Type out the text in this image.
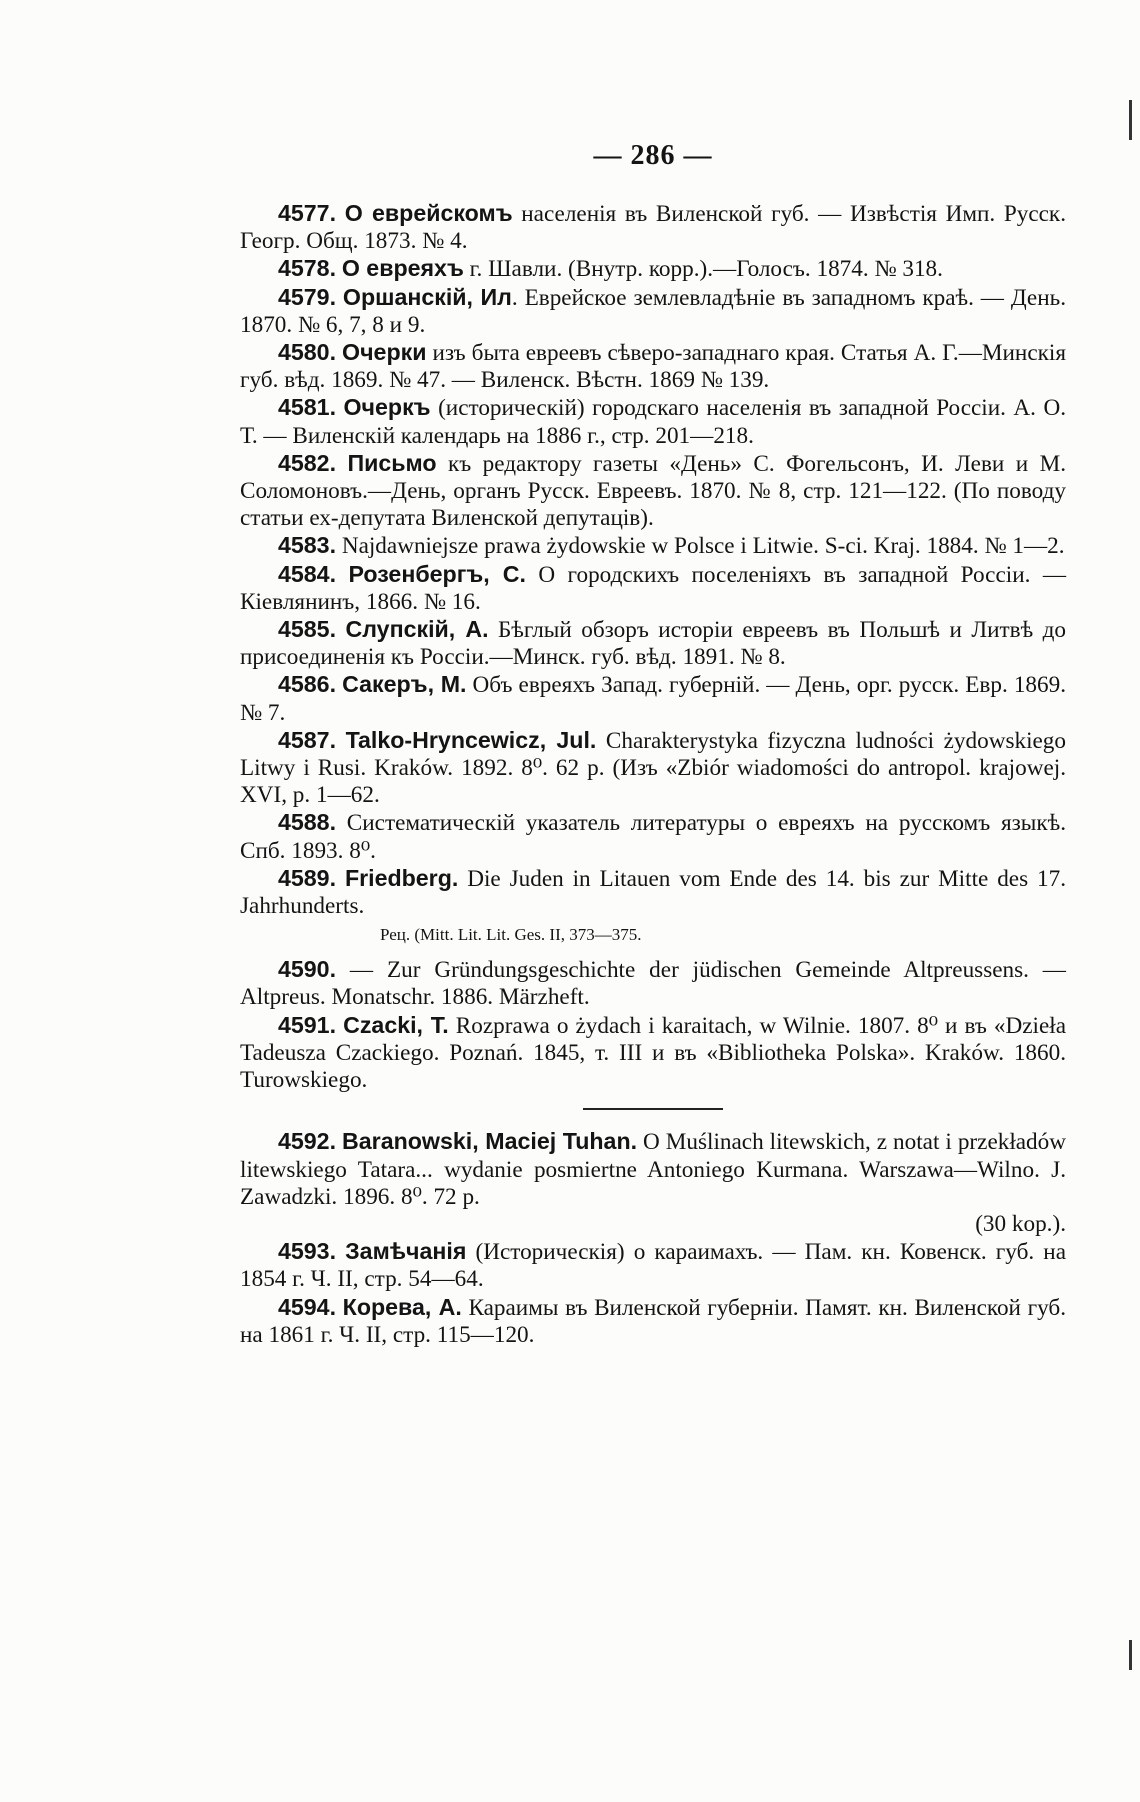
— 286 —

4577. О еврейскомъ населенія въ Виленской губ. — Извѣстія Имп. Русск. Геогр. Общ. 1873. № 4.

4578. О евреяхъ г. Шавли. (Внутр. корр.).—Голосъ. 1874. № 318.

4579. Оршанскій, Ил. Еврейское землевладѣніе въ западномъ краѣ. — День. 1870. № 6, 7, 8 и 9.

4580. Очерки изъ быта евреевъ сѣверо-западнаго края. Статья А. Г.—Минскія губ. вѣд. 1869. № 47. — Виленск. Вѣстн. 1869 № 139.

4581. Очеркъ (историческій) городскаго населенія въ западной Россіи. А. О. Т. — Виленскій календарь на 1886 г., стр. 201—218.

4582. Письмо къ редактору газеты «День» С. Фогельсонъ, И. Леви и М. Соломоновъ.—День, органъ Русск. Евреевъ. 1870. № 8, стр. 121—122. (По поводу статьи ех-депутата Виленской депутаців).

4583. Najdawniejsze prawa żydowskie w Polsce i Litwie. S-ci. Kraj. 1884. № 1—2.

4584. Розенбергъ, С. О городскихъ поселеніяхъ въ западной Россіи. — Кіевлянинъ, 1866. № 16.

4585. Слупскій, А. Бѣглый обзоръ исторіи евреевъ въ Польшѣ и Литвѣ до присоединенія къ Россіи.—Минск. губ. вѣд. 1891. № 8.

4586. Сакеръ, М. Объ евреяхъ Запад. губерній. — День, орг. русск. Евр. 1869. № 7.

4587. Talko-Hryncewicz, Jul. Charakterystyka fizyczna ludności żydowskiego Litwy i Rusi. Kraków. 1892. 8⁰. 62 p. (Изъ «Zbiór wiadomości do antropol. krajowej. XVI, p. 1—62.

4588. Систематическій указатель литературы о евреяхъ на русскомъ языкѣ. Спб. 1893. 8⁰.

4589. Friedberg. Die Juden in Litauen vom Ende des 14. bis zur Mitte des 17. Jahrhunderts.

Рец. (Mitt. Lit. Lit. Ges. II, 373—375.

4590. — Zur Gründungsgeschichte der jüdischen Gemeinde Altpreussens. — Altpreus. Monatschr. 1886. Märzheft.

4591. Czacki, T. Rozprawa o żydach i karaitach, w Wilnie. 1807. 8⁰ и въ «Dzieła Tadeusza Czackiego. Poznań. 1845, т. III и въ «Bibliotheka Polska». Kraków. 1860. Turowskiego.

4592. Baranowski, Maciej Tuhan. O Muślinach litewskich, z notat i przekładów litewskiego Tatara... wydanie posmiertne Antoniego Kurmana. Warszawa—Wilno. J. Zawadzki. 1896. 8⁰. 72 p.

(30 kop.).

4593. Замѣчанія (Историческія) о караимахъ. — Пам. кн. Ковенск. губ. на 1854 г. Ч. II, стр. 54—64.

4594. Корева, А. Караимы въ Виленской губерніи. Памят. кн. Виленской губ. на 1861 г. Ч. II, стр. 115—120.
